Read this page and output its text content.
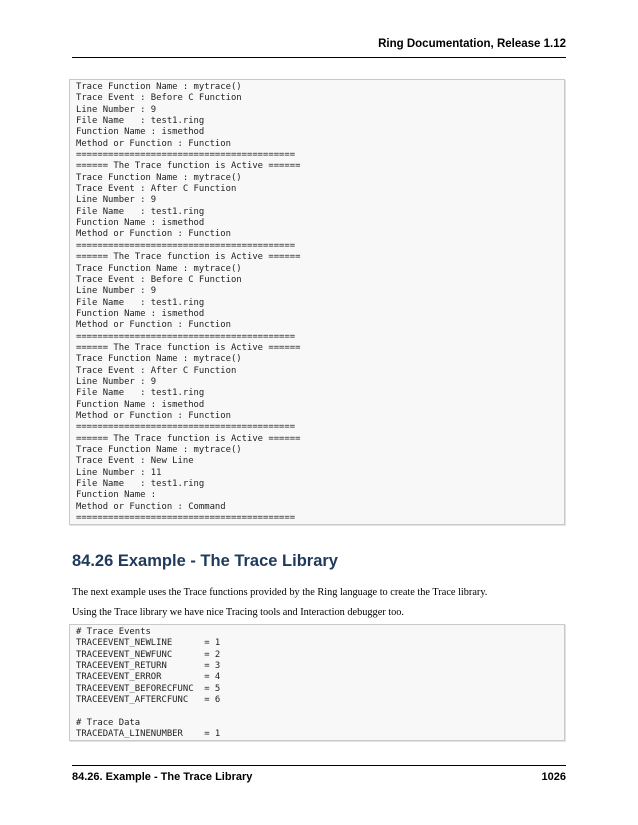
Ring Documentation, Release 1.12
Trace Function Name : mytrace()
Trace Event : Before C Function
Line Number : 9
File Name   : test1.ring
Function Name : ismethod
Method or Function : Function
=========================================
====== The Trace function is Active ======
Trace Function Name : mytrace()
Trace Event : After C Function
Line Number : 9
File Name   : test1.ring
Function Name : ismethod
Method or Function : Function
=========================================
====== The Trace function is Active ======
Trace Function Name : mytrace()
Trace Event : Before C Function
Line Number : 9
File Name   : test1.ring
Function Name : ismethod
Method or Function : Function
=========================================
====== The Trace function is Active ======
Trace Function Name : mytrace()
Trace Event : After C Function
Line Number : 9
File Name   : test1.ring
Function Name : ismethod
Method or Function : Function
=========================================
====== The Trace function is Active ======
Trace Function Name : mytrace()
Trace Event : New Line
Line Number : 11
File Name   : test1.ring
Function Name :
Method or Function : Command
=========================================

84.26 Example - The Trace Library
The next example uses the Trace functions provided by the Ring language to create the Trace library.
Using the Trace library we have nice Tracing tools and Interaction debugger too.
# Trace Events
TRACEEVENT_NEWLINE      = 1
TRACEEVENT_NEWFUNC      = 2
TRACEEVENT_RETURN       = 3
TRACEEVENT_ERROR        = 4
TRACEEVENT_BEFORECFUNC  = 5
TRACEEVENT_AFTERCFUNC   = 6

# Trace Data
TRACEDATA_LINENUMBER    = 1

84.26. Example - The Trace Library	1026
